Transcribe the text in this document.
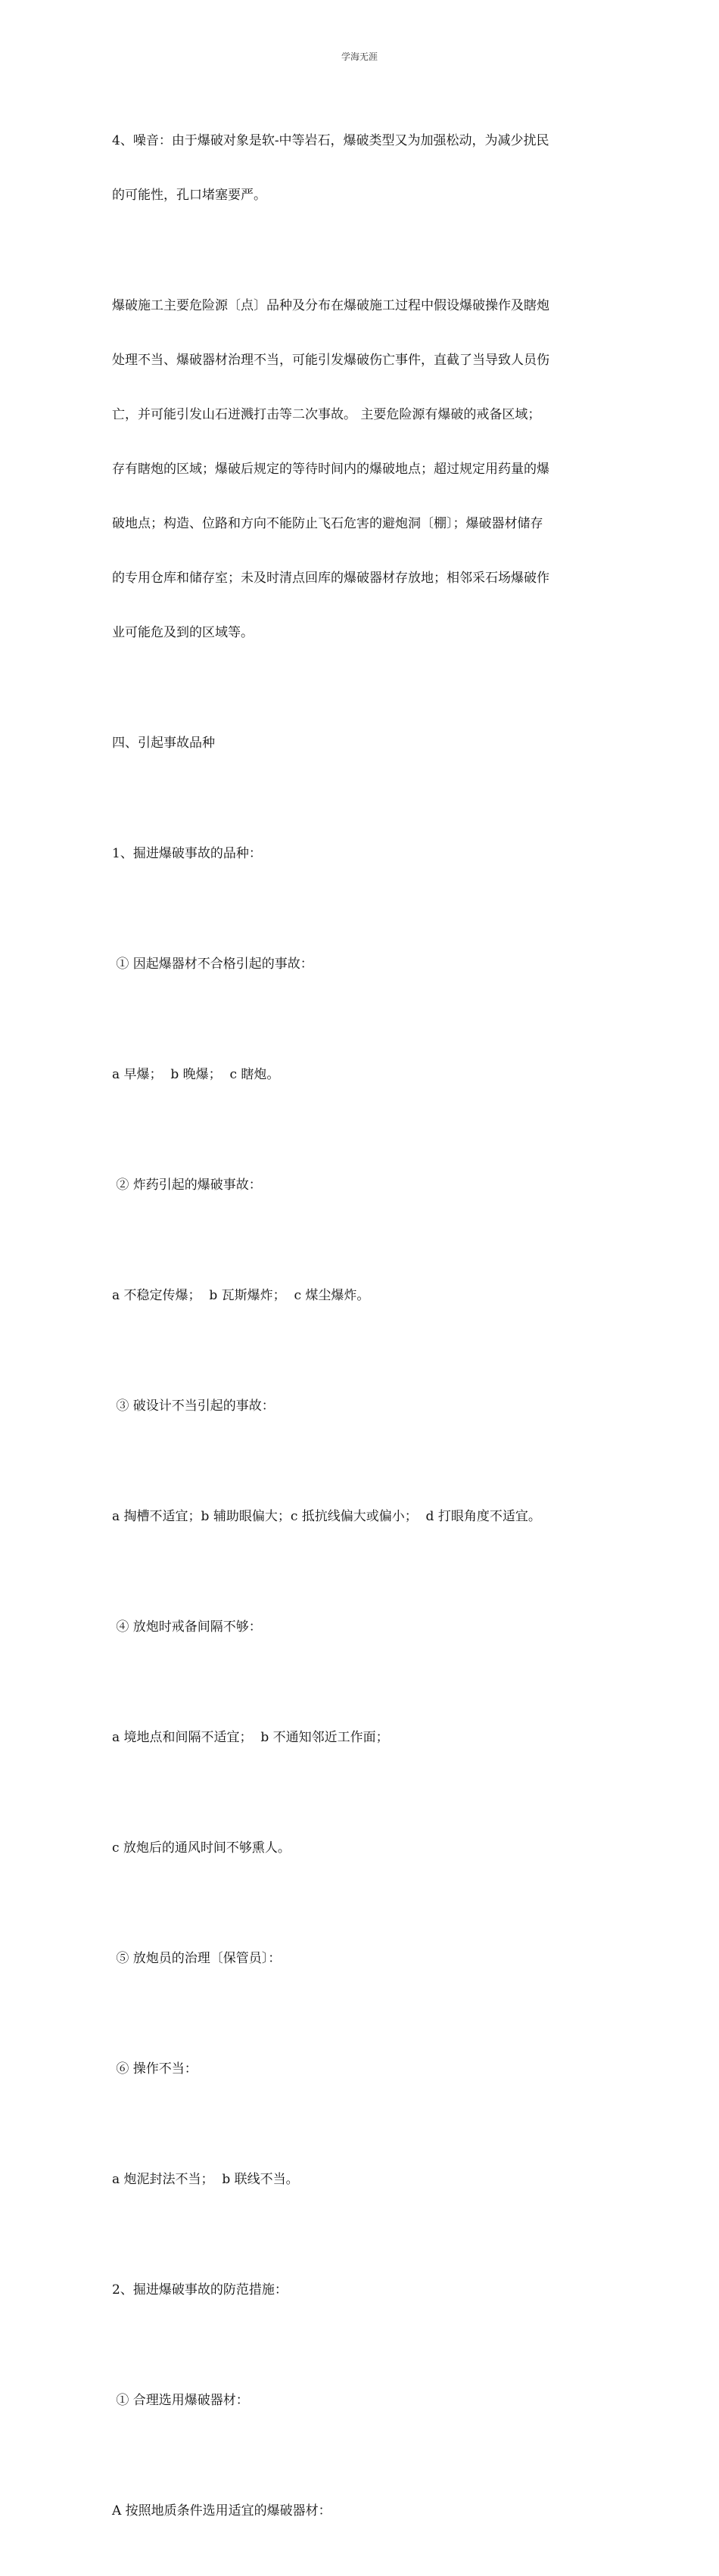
学海无涯

4、噪音：由于爆破对象是软-中等岩石，爆破类型又为加强松动，为减少扰民

的可能性，孔口堵塞要严。

爆破施工主要危险源〔点〕品种及分布在爆破施工过程中假设爆破操作及瞎炮

处理不当、爆破器材治理不当，可能引发爆破伤亡事件，直截了当导致人员伤

亡，并可能引发山石迸溅打击等二次事故。 主要危险源有爆破的戒备区域；

存有瞎炮的区域；爆破后规定的等待时间内的爆破地点；超过规定用药量的爆

破地点；构造、位路和方向不能防止飞石危害的避炮洞〔棚〕；爆破器材储存

的专用仓库和储存室；未及时清点回库的爆破器材存放地；相邻采石场爆破作

业可能危及到的区域等。

四、引起事故品种

1、掘进爆破事故的品种：

① 因起爆器材不合格引起的事故：

a 早爆；  b 晚爆；  c 瞎炮。

② 炸药引起的爆破事故：

a 不稳定传爆；  b 瓦斯爆炸；  c 煤尘爆炸。

③ 破设计不当引起的事故：

a 掏槽不适宜；b 辅助眼偏大；c 抵抗线偏大或偏小；  d 打眼角度不适宜。

④ 放炮时戒备间隔不够：

a 境地点和间隔不适宜；  b 不通知邻近工作面；

c 放炮后的通风时间不够熏人。

⑤ 放炮员的治理〔保管员〕：

⑥ 操作不当：

a 炮泥封法不当；  b 联线不当。

2、掘进爆破事故的防范措施：

① 合理选用爆破器材：

A 按照地质条件选用适宜的爆破器材：
